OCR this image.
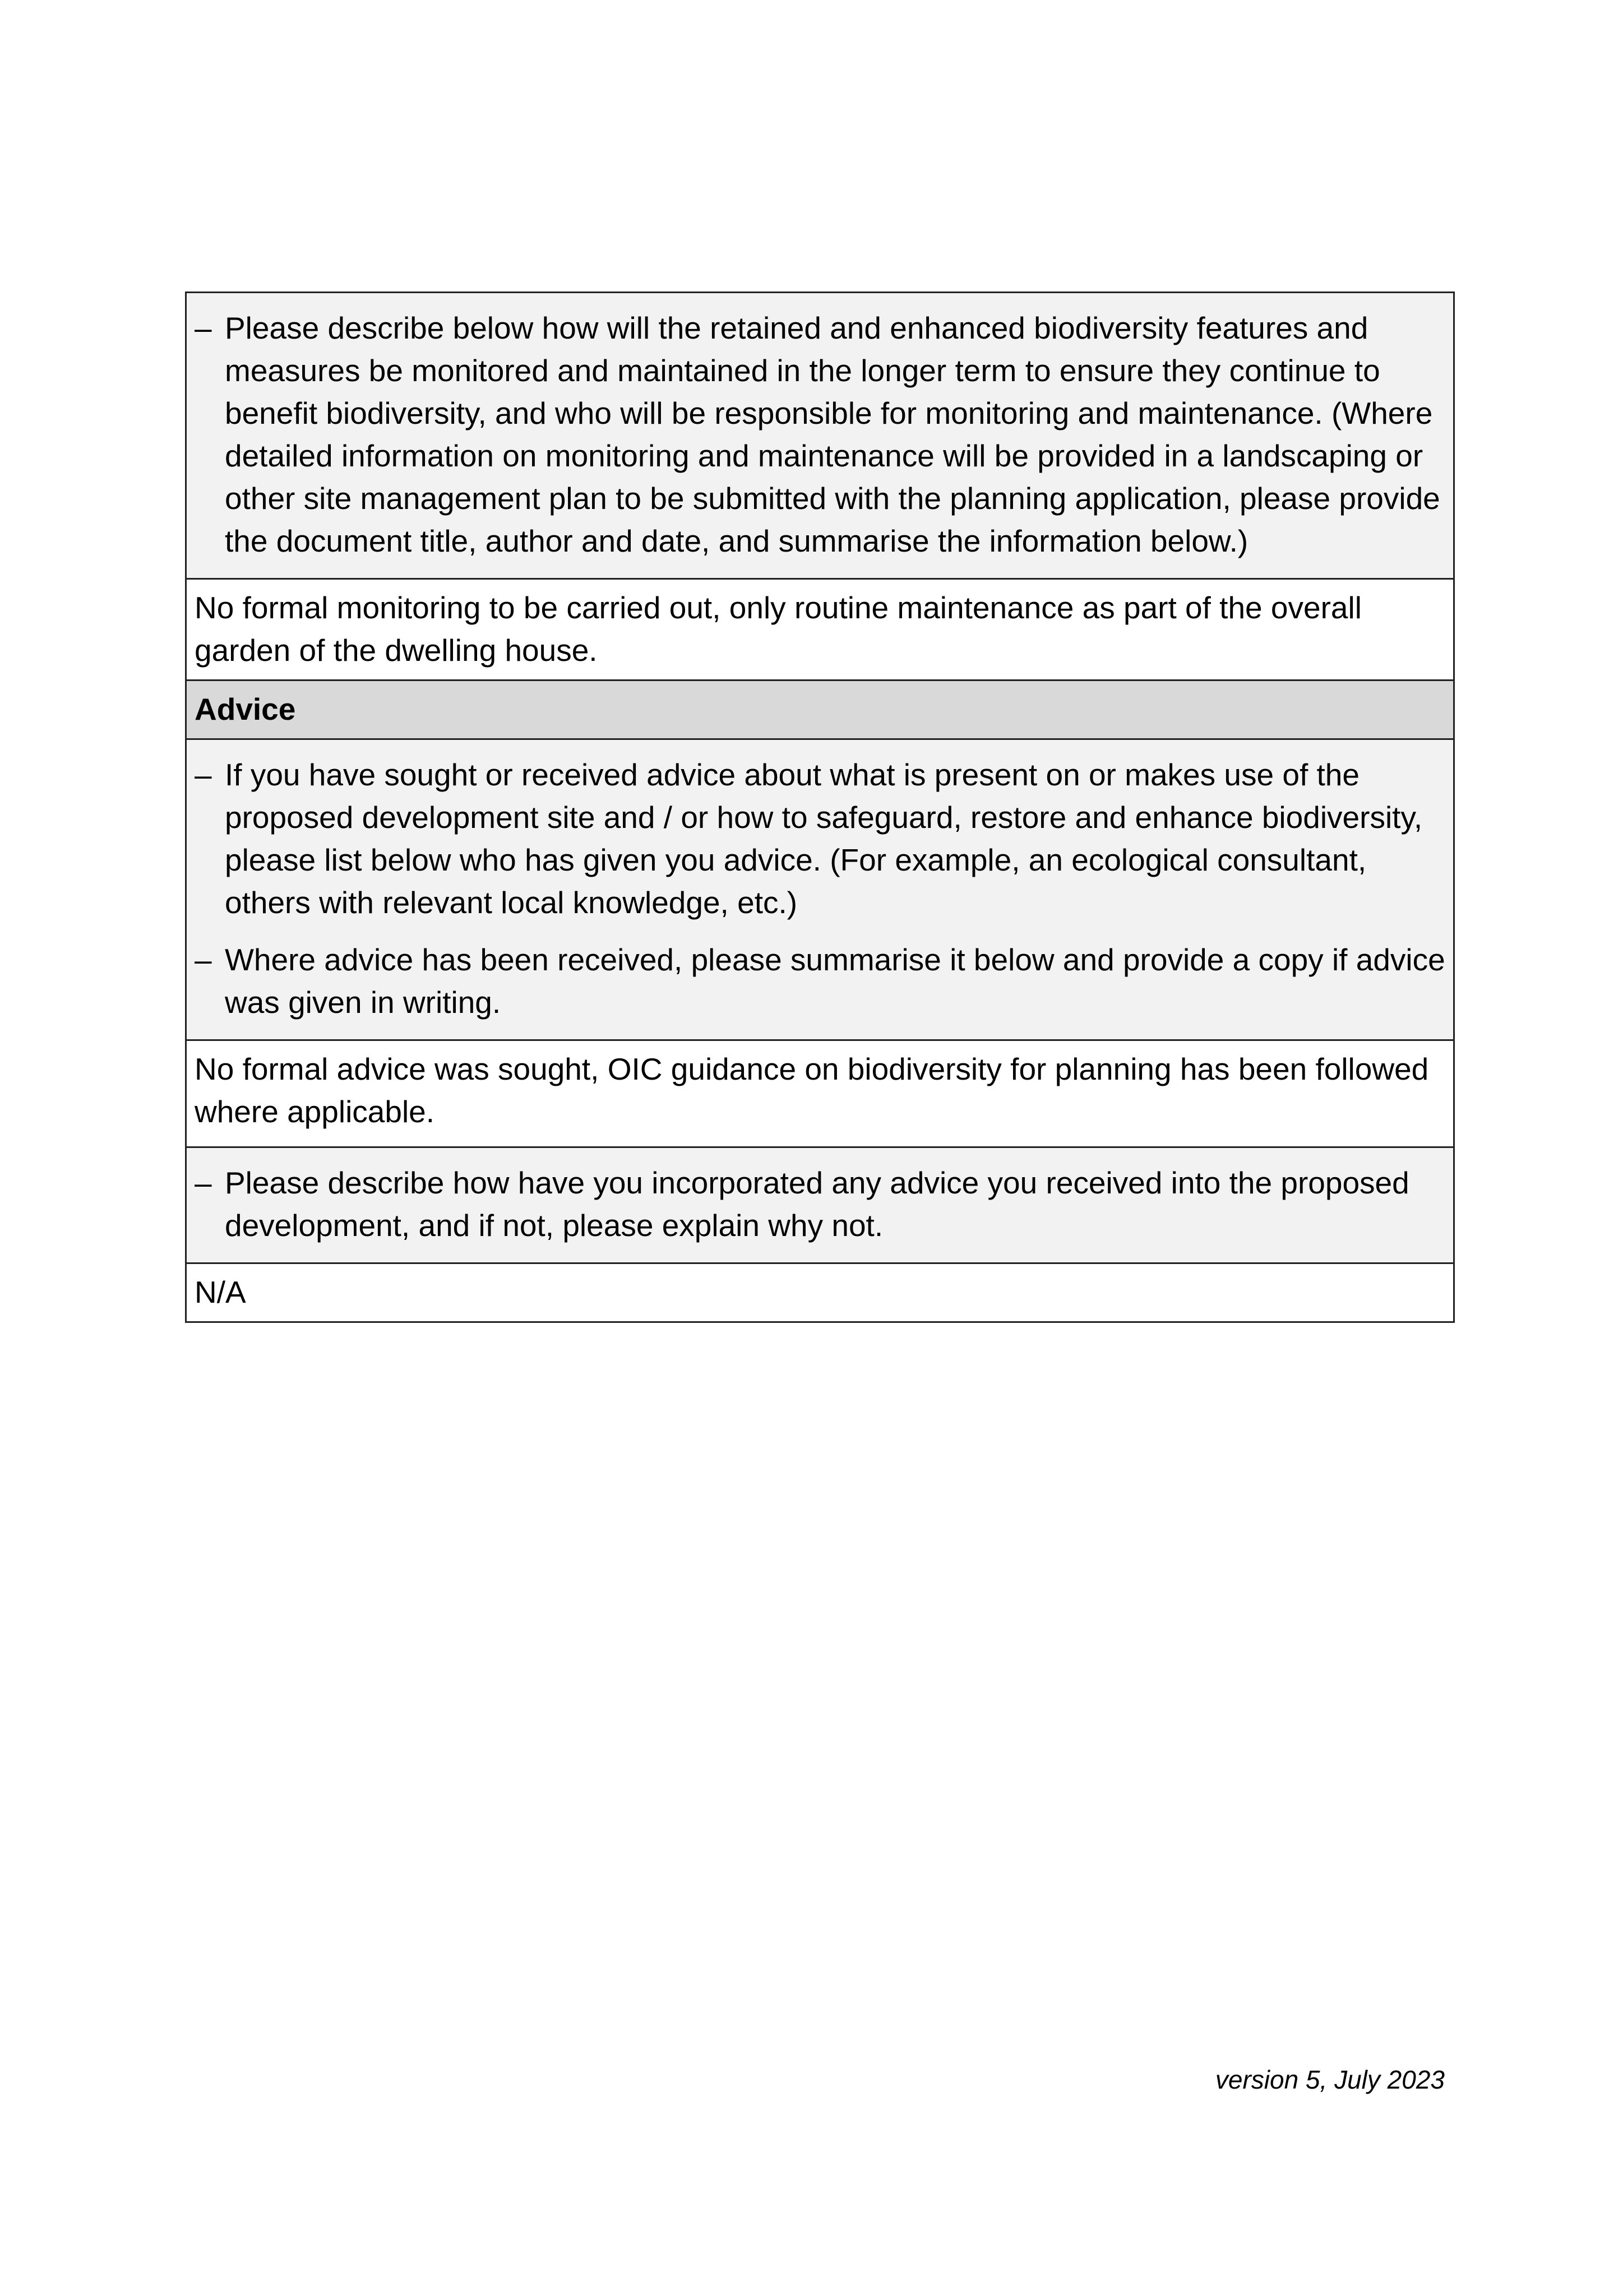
– Please describe below how will the retained and enhanced biodiversity features and measures be monitored and maintained in the longer term to ensure they continue to benefit biodiversity, and who will be responsible for monitoring and maintenance. (Where detailed information on monitoring and maintenance will be provided in a landscaping or other site management plan to be submitted with the planning application, please provide the document title, author and date, and summarise the information below.)

No formal monitoring to be carried out, only routine maintenance as part of the overall garden of the dwelling house.
Advice

– If you have sought or received advice about what is present on or makes use of the proposed development site and / or how to safeguard, restore and enhance biodiversity, please list below who has given you advice. (For example, an ecological consultant, others with relevant local knowledge, etc.)
– Where advice has been received, please summarise it below and provide a copy if advice was given in writing.

No formal advice was sought, OIC guidance on biodiversity for planning has been followed where applicable.

– Please describe how have you incorporated any advice you received into the proposed development, and if not, please explain why not.

N/A
version 5, July 2023
